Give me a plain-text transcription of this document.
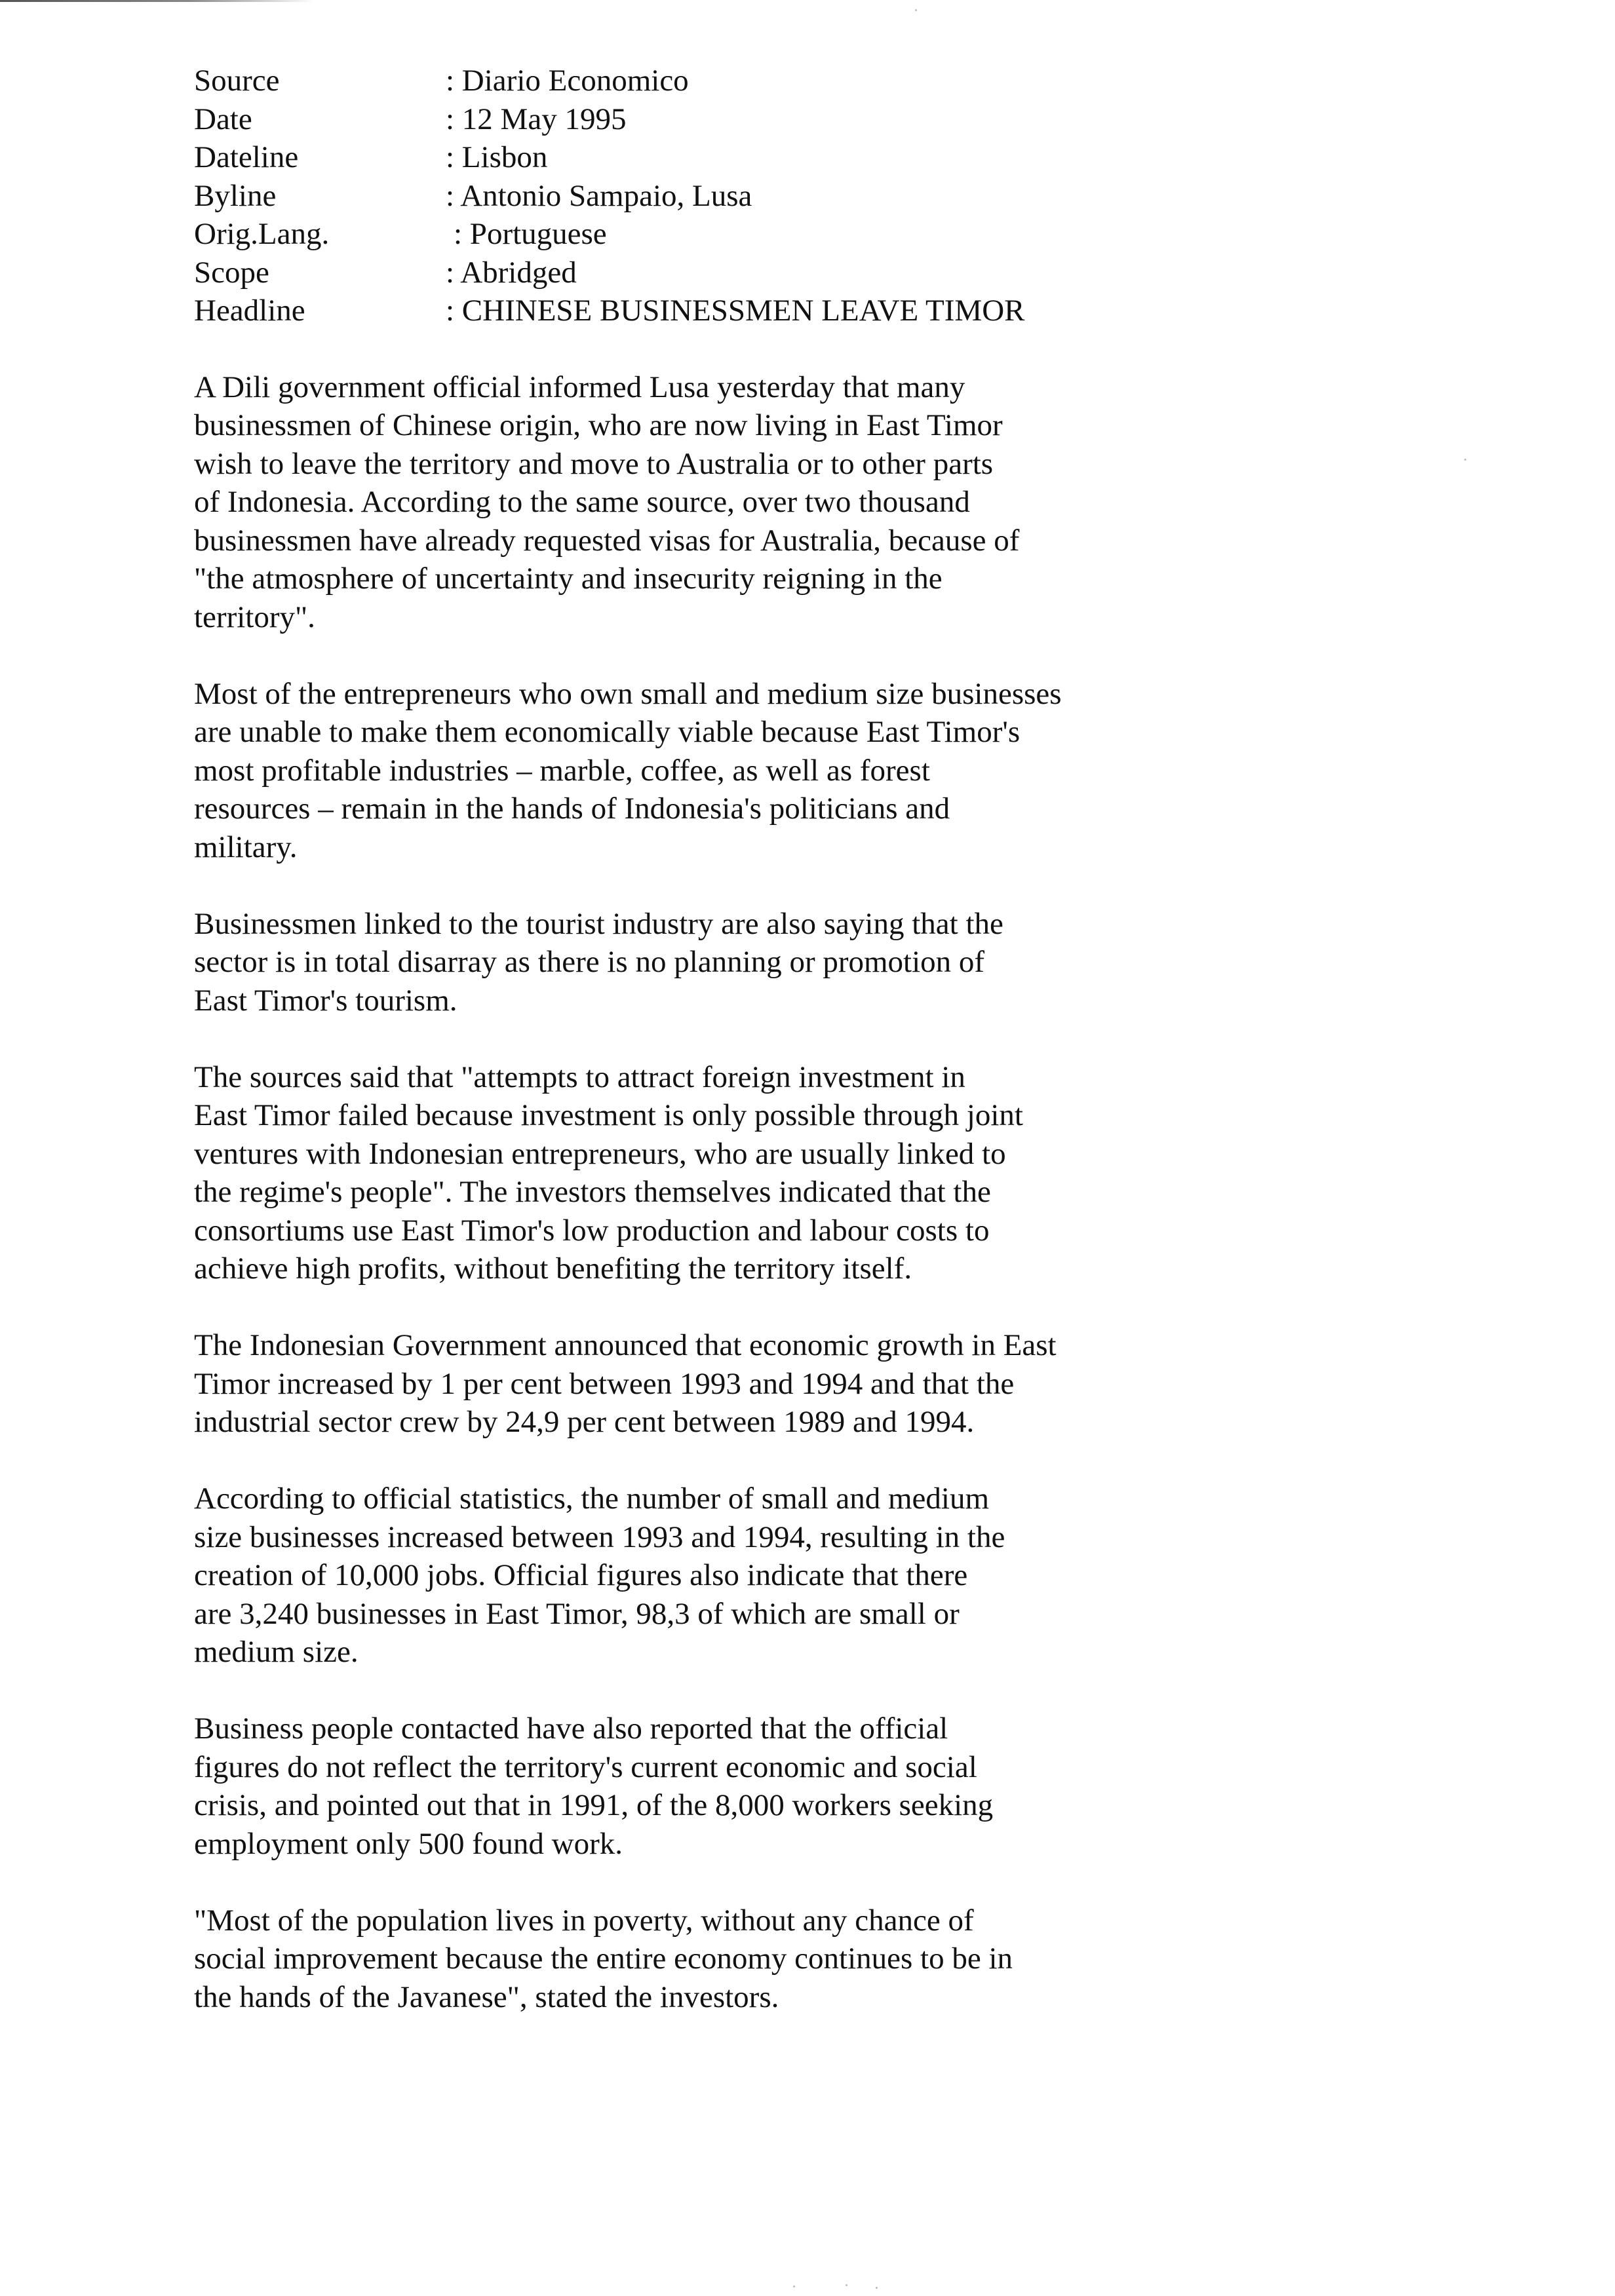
Source	: Diario Economico
Date	: 12 May 1995
Dateline	: Lisbon
Byline	: Antonio Sampaio, Lusa
Orig.Lang.	: Portuguese
Scope	: Abridged
Headline	: CHINESE BUSINESSMEN LEAVE TIMOR

A Dili government official informed Lusa yesterday that many
businessmen of Chinese origin, who are now living in East Timor
wish to leave the territory and move to Australia or to other parts
of Indonesia. According to the same source, over two thousand
businessmen have already requested visas for Australia, because of
"the atmosphere of uncertainty and insecurity reigning in the
territory".

Most of the entrepreneurs who own small and medium size businesses
are unable to make them economically viable because East Timor's
most profitable industries – marble, coffee, as well as forest
resources – remain in the hands of Indonesia's politicians and
military.

Businessmen linked to the tourist industry are also saying that the
sector is in total disarray as there is no planning or promotion of
East Timor's tourism.

The sources said that "attempts to attract foreign investment in
East Timor failed because investment is only possible through joint
ventures with Indonesian entrepreneurs, who are usually linked to
the regime's people". The investors themselves indicated that the
consortiums use East Timor's low production and labour costs to
achieve high profits, without benefiting the territory itself.

The Indonesian Government announced that economic growth in East
Timor increased by 1 per cent between 1993 and 1994 and that the
industrial sector crew by 24,9 per cent between 1989 and 1994.

According to official statistics, the number of small and medium
size businesses increased between 1993 and 1994, resulting in the
creation of 10,000 jobs. Official figures also indicate that there
are 3,240 businesses in East Timor, 98,3 of which are small or
medium size.

Business people contacted have also reported that the official
figures do not reflect the territory's current economic and social
crisis, and pointed out that in 1991, of the 8,000 workers seeking
employment only 500 found work.

"Most of the population lives in poverty, without any chance of
social improvement because the entire economy continues to be in
the hands of the Javanese", stated the investors.
